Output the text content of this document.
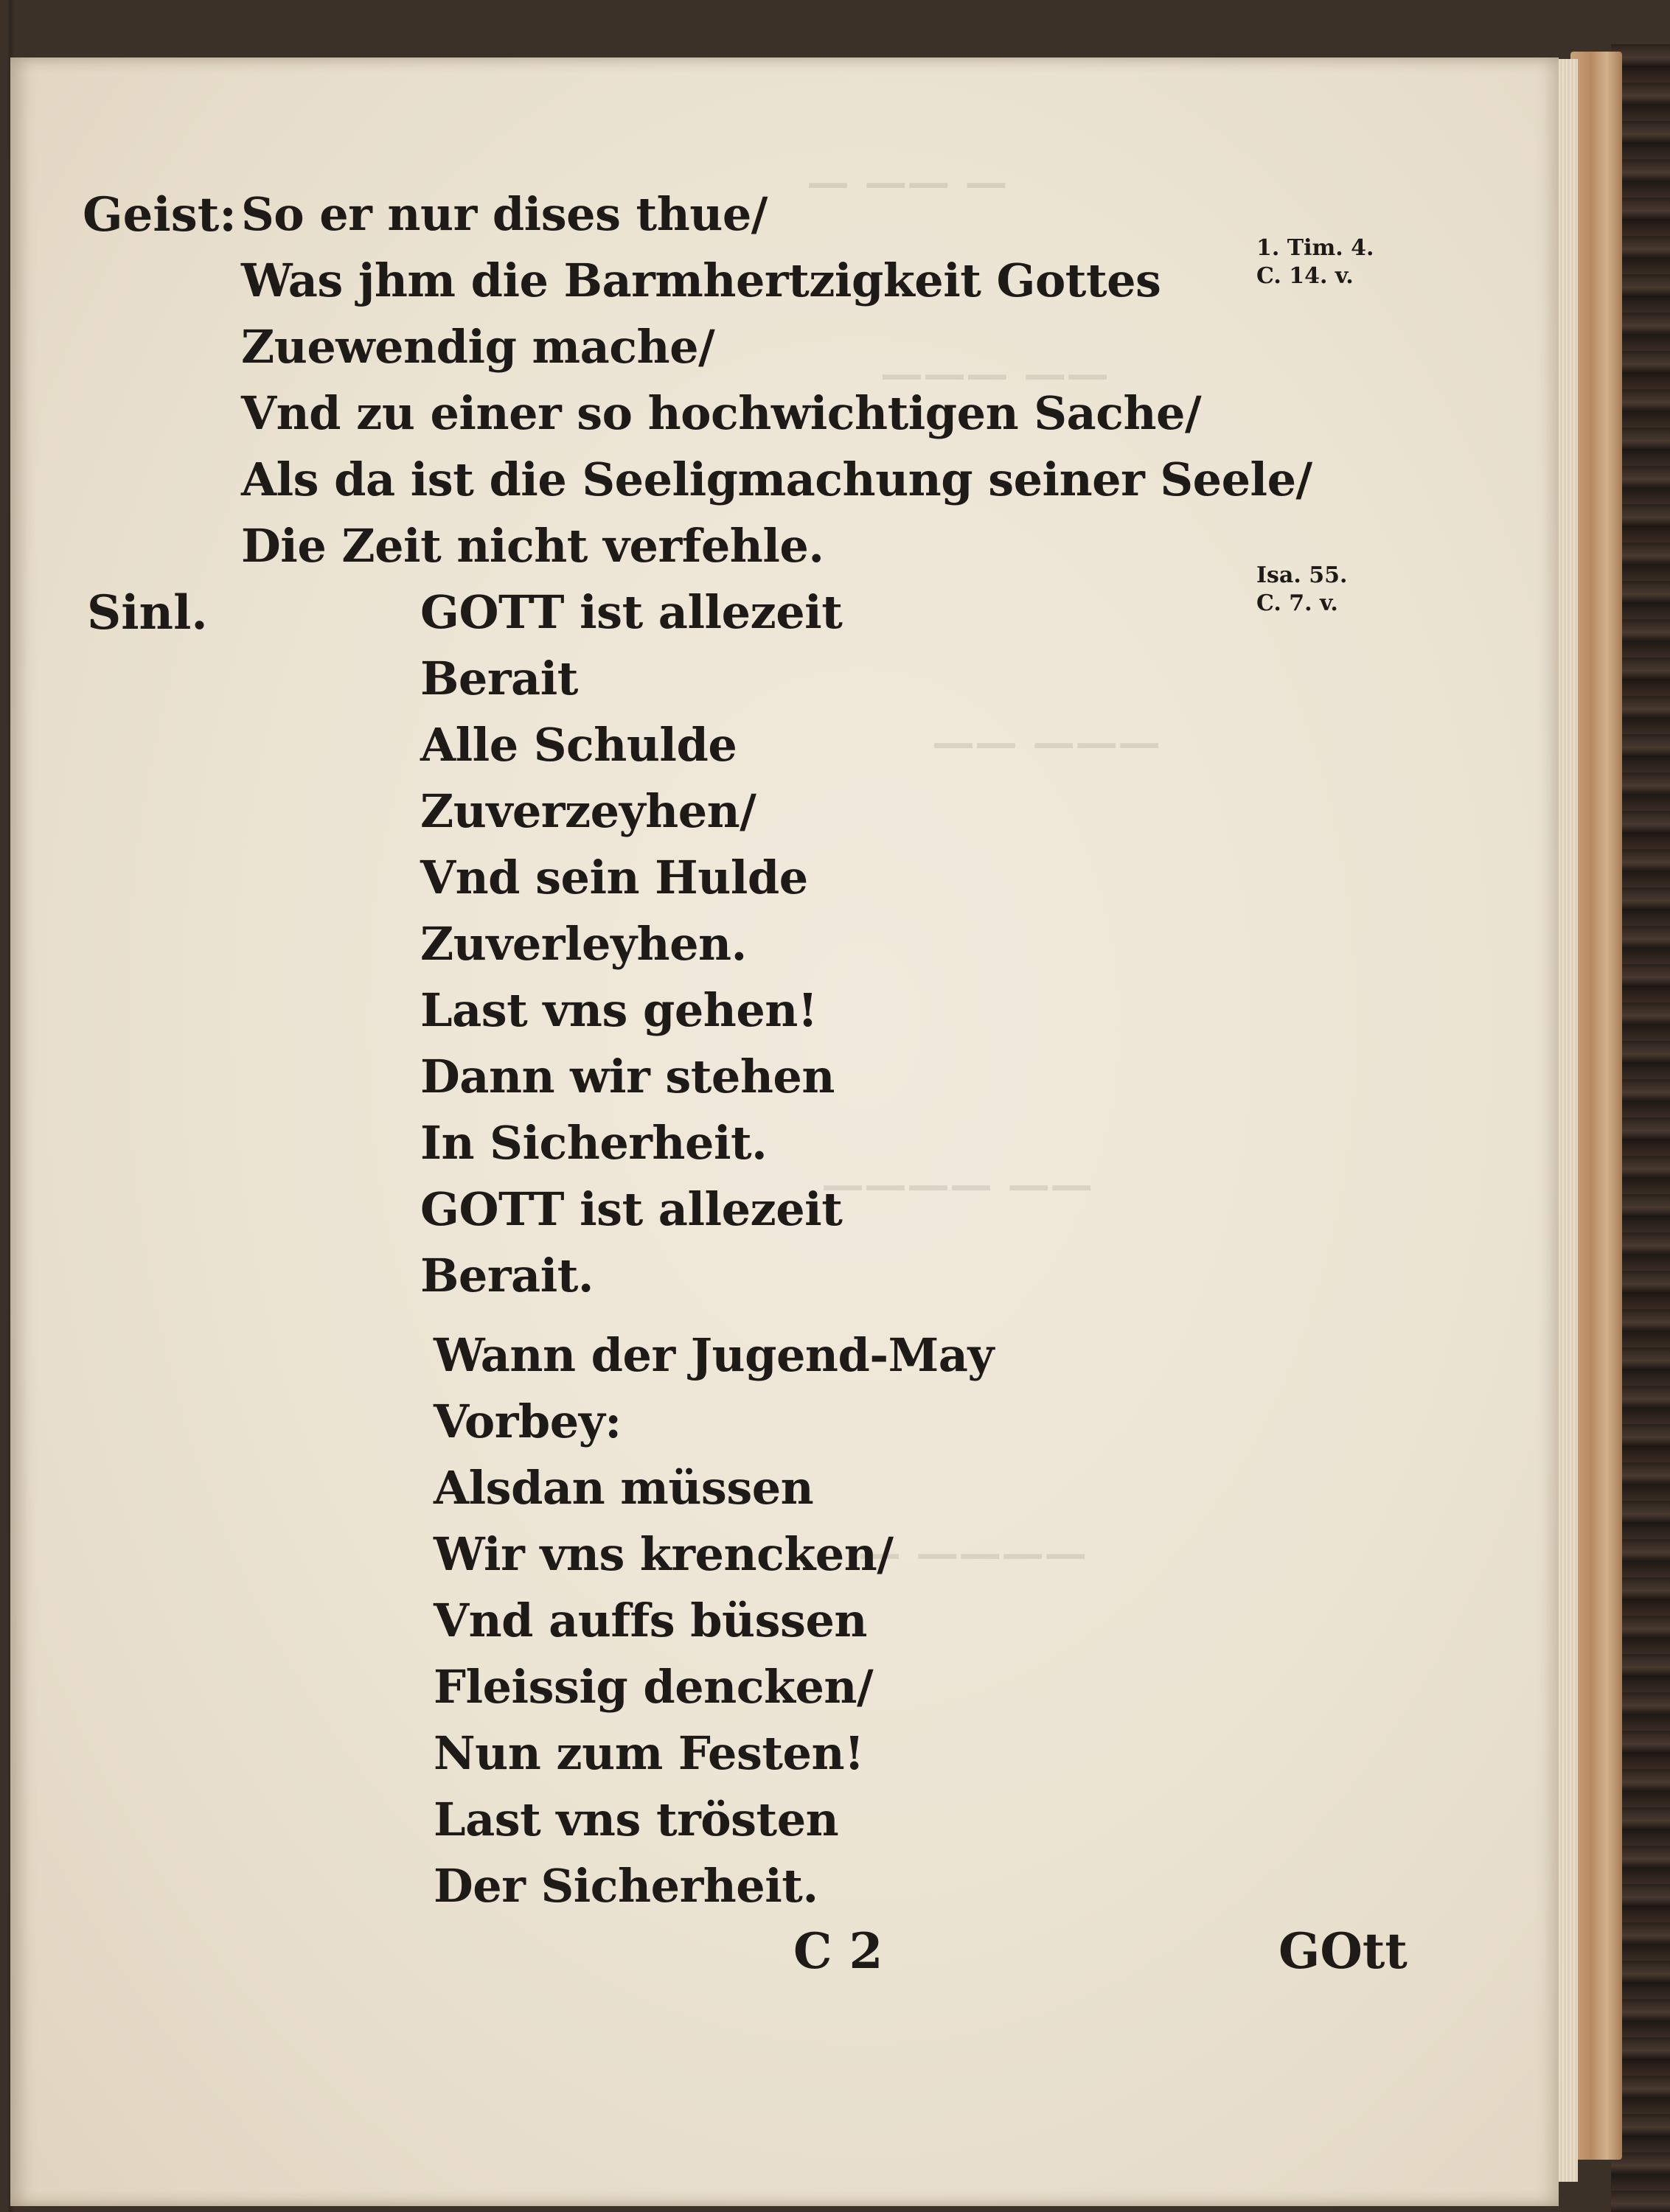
— —— —
—— ———
——— ——
—— ————
———— —
Geist:
Sinl.
1. Tim. 4.
C. 14. v.
Isa. 55.
C. 7. v.
So er nur dises thue/
Was jhm die Barmhertzigkeit Gottes
Zuewendig mache/
Vnd zu einer so hochwichtigen Sache/
Als da ist die Seeligmachung seiner Seele/
Die Zeit nicht verfehle.
GOTT ist allezeit
Berait
Alle Schulde
Zuverzeyhen/
Vnd sein Hulde
Zuverleyhen.
Last vns gehen!
Dann wir stehen
In Sicherheit.
GOTT ist allezeit
Berait.
Wann der Jugend-May
Vorbey:
Alsdan müssen
Wir vns krencken/
Vnd auffs büssen
Fleissig dencken/
Nun zum Festen!
Last vns trösten
Der Sicherheit.
C 2	GOtt
